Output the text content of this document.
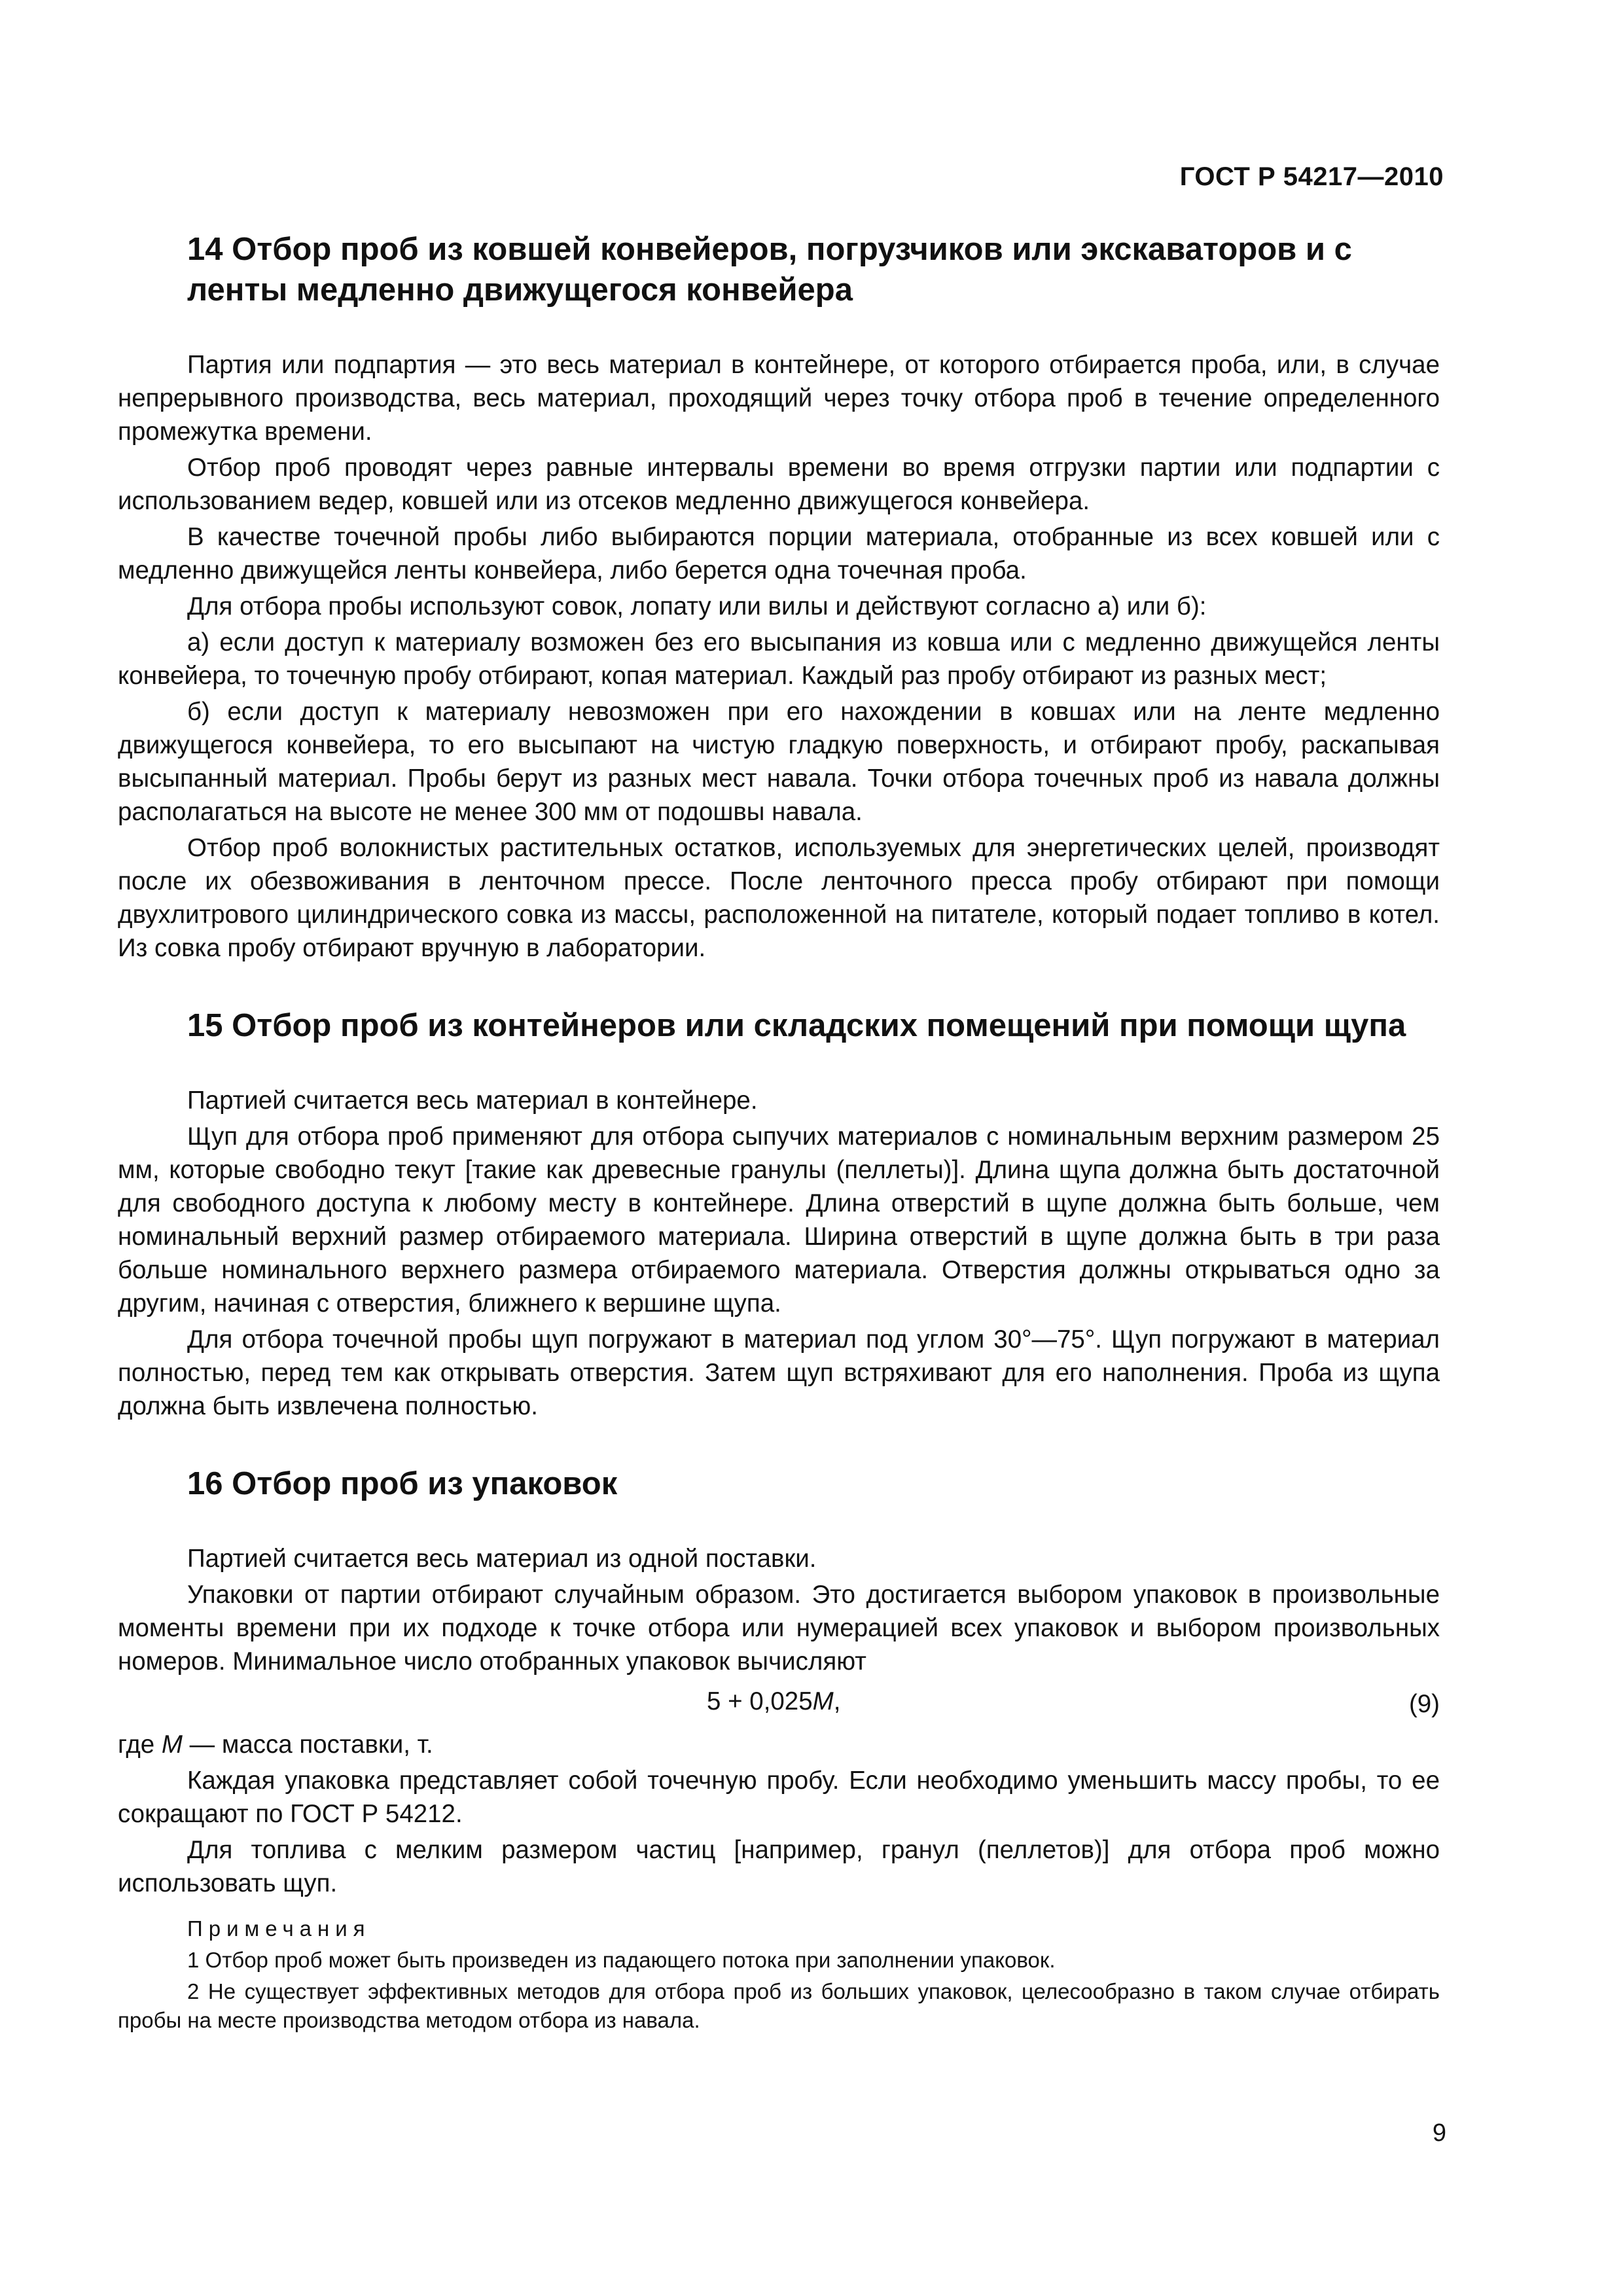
ГОСТ Р 54217—2010

14 Отбор проб из ковшей конвейеров, погрузчиков или экскаваторов и с ленты медленно движущегося конвейера

Партия или подпартия — это весь материал в контейнере, от которого отбирается проба, или, в случае непрерывного производства, весь материал, проходящий через точку отбора проб в течение определенного промежутка времени.

Отбор проб проводят через равные интервалы времени во время отгрузки партии или подпартии с использованием ведер, ковшей или из отсеков медленно движущегося конвейера.

В качестве точечной пробы либо выбираются порции материала, отобранные из всех ковшей или с медленно движущейся ленты конвейера, либо берется одна точечная проба.

Для отбора пробы используют совок, лопату или вилы и действуют согласно а) или б):

а) если доступ к материалу возможен без его высыпания из ковша или с медленно движущейся ленты конвейера, то точечную пробу отбирают, копая материал. Каждый раз пробу отбирают из разных мест;

б) если доступ к материалу невозможен при его нахождении в ковшах или на ленте медленно движущегося конвейера, то его высыпают на чистую гладкую поверхность, и отбирают пробу, раскапывая высыпанный материал. Пробы берут из разных мест навала. Точки отбора точечных проб из навала должны располагаться на высоте не менее 300 мм от подошвы навала.

Отбор проб волокнистых растительных остатков, используемых для энергетических целей, производят после их обезвоживания в ленточном прессе. После ленточного пресса пробу отбирают при помощи двухлитрового цилиндрического совка из массы, расположенной на питателе, который подает топливо в котел. Из совка пробу отбирают вручную в лаборатории.

15 Отбор проб из контейнеров или складских помещений при помощи щупа

Партией считается весь материал в контейнере.

Щуп для отбора проб применяют для отбора сыпучих материалов с номинальным верхним размером 25 мм, которые свободно текут [такие как древесные гранулы (пеллеты)]. Длина щупа должна быть достаточной для свободного доступа к любому месту в контейнере. Длина отверстий в щупе должна быть больше, чем номинальный верхний размер отбираемого материала. Ширина отверстий в щупе должна быть в три раза больше номинального верхнего размера отбираемого материала. Отверстия должны открываться одно за другим, начиная с отверстия, ближнего к вершине щупа.

Для отбора точечной пробы щуп погружают в материал под углом 30°—75°. Щуп погружают в материал полностью, перед тем как открывать отверстия. Затем щуп встряхивают для его наполнения. Проба из щупа должна быть извлечена полностью.

16 Отбор проб из упаковок

Партией считается весь материал из одной поставки.

Упаковки от партии отбирают случайным образом. Это достигается выбором упаковок в произвольные моменты времени при их подходе к точке отбора или нумерацией всех упаковок и выбором произвольных номеров. Минимальное число отобранных упаковок вычисляют

5 + 0,025M,	(9)

где M — масса поставки, т.

Каждая упаковка представляет собой точечную пробу. Если необходимо уменьшить массу пробы, то ее сокращают по ГОСТ Р 54212.

Для топлива с мелким размером частиц [например, гранул (пеллетов)] для отбора проб можно использовать щуп.

Примечания

1 Отбор проб может быть произведен из падающего потока при заполнении упаковок.

2 Не существует эффективных методов для отбора проб из больших упаковок, целесообразно в таком случае отбирать пробы на месте производства методом отбора из навала.

9
